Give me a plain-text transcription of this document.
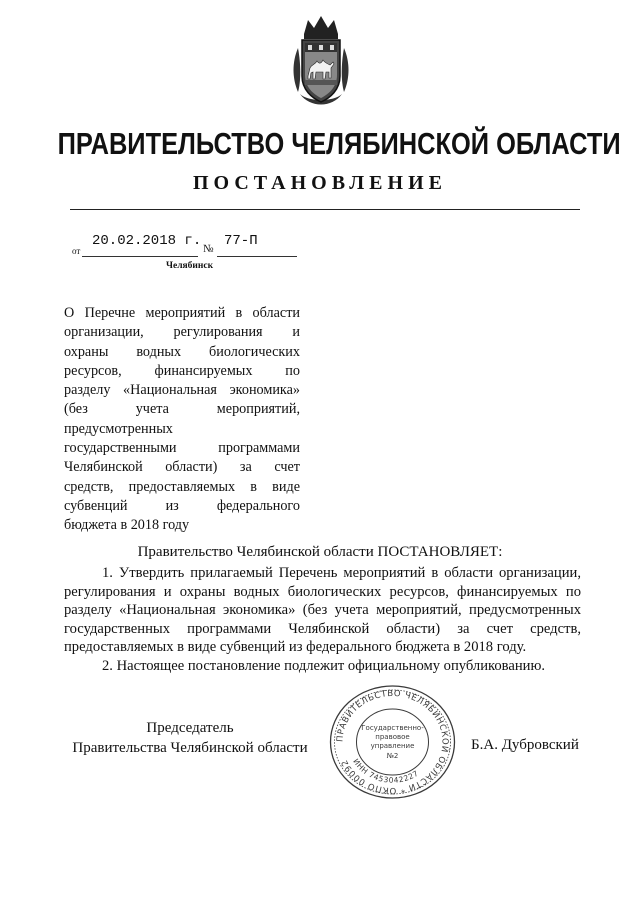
ПРАВИТЕЛЬСТВО ЧЕЛЯБИНСКОЙ ОБЛАСТИ
ПОСТАНОВЛЕНИЕ
от
20.02.2018 г. № 77-П
Челябинск
О Перечне мероприятий в области
организации, регулирования и
охраны водных биологических
ресурсов, финансируемых по
разделу «Национальная экономика»
(без учета мероприятий,
предусмотренных
государственными программами
Челябинской области) за счет
средств, предоставляемых в виде
субвенций из федерального
бюджета в 2018 году
Правительство Челябинской области ПОСТАНОВЛЯЕТ:
1. Утвердить прилагаемый Перечень мероприятий в области организации,
регулирования и охраны водных биологических ресурсов, финансируемых по
разделу «Национальная экономика» (без учета мероприятий, предусмотренных
государственных программами Челябинской области) за счет средств,
предоставляемых в виде субвенций из федерального бюджета в 2018 году.
2. Настоящее постановление подлежит официальному опубликованию.
Председатель
Правительства Челябинской области
ПРАВИТЕЛЬСТВО ЧЕЛЯБИНСКОЙ ОБЛАСТИ * ОКПО 00092 ИНН 7453042227
Государственно-
правовое
управление
№2
Б.А. Дубровский
